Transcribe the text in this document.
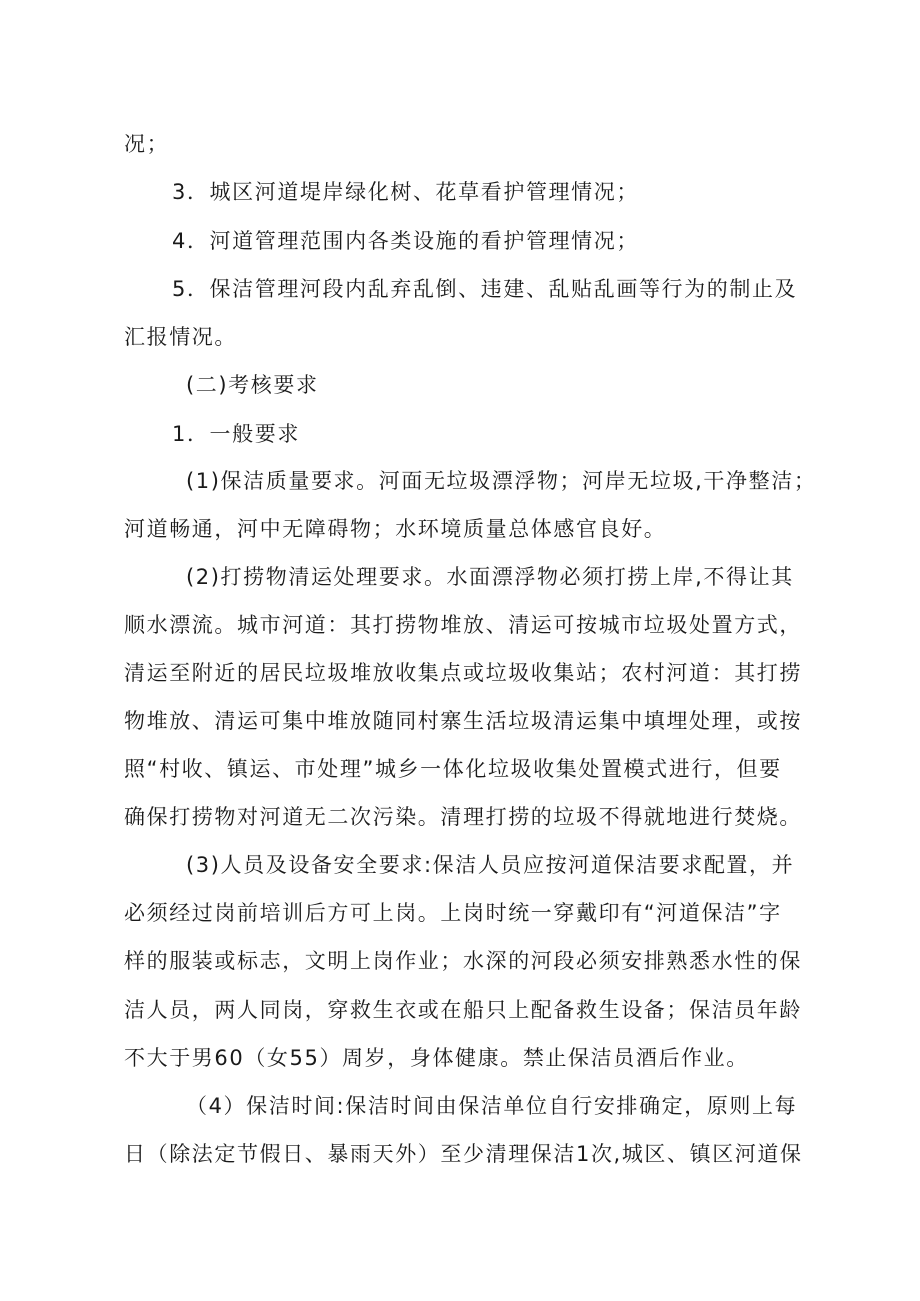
况；
3．城区河道堤岸绿化树、花草看护管理情况；
4．河道管理范围内各类设施的看护管理情况；
5．保洁管理河段内乱弃乱倒、违建、乱贴乱画等行为的制止及
汇报情况。
(二)考核要求
1．一般要求
(1)保洁质量要求。河面无垃圾漂浮物；河岸无垃圾,干净整洁；
河道畅通，河中无障碍物；水环境质量总体感官良好。
(2)打捞物清运处理要求。水面漂浮物必须打捞上岸,不得让其
顺水漂流。城市河道：其打捞物堆放、清运可按城市垃圾处置方式，
清运至附近的居民垃圾堆放收集点或垃圾收集站；农村河道：其打捞
物堆放、清运可集中堆放随同村寨生活垃圾清运集中填埋处理，或按
照“村收、镇运、市处理”城乡一体化垃圾收集处置模式进行，但要
确保打捞物对河道无二次污染。清理打捞的垃圾不得就地进行焚烧。
(3)人员及设备安全要求:保洁人员应按河道保洁要求配置，并
必须经过岗前培训后方可上岗。上岗时统一穿戴印有“河道保洁”字
样的服装或标志，文明上岗作业；水深的河段必须安排熟悉水性的保
洁人员，两人同岗，穿救生衣或在船只上配备救生设备；保洁员年龄
不大于男60（女55）周岁，身体健康。禁止保洁员酒后作业。
（4）保洁时间:保洁时间由保洁单位自行安排确定，原则上每
日（除法定节假日、暴雨天外）至少清理保洁1次,城区、镇区河道保
